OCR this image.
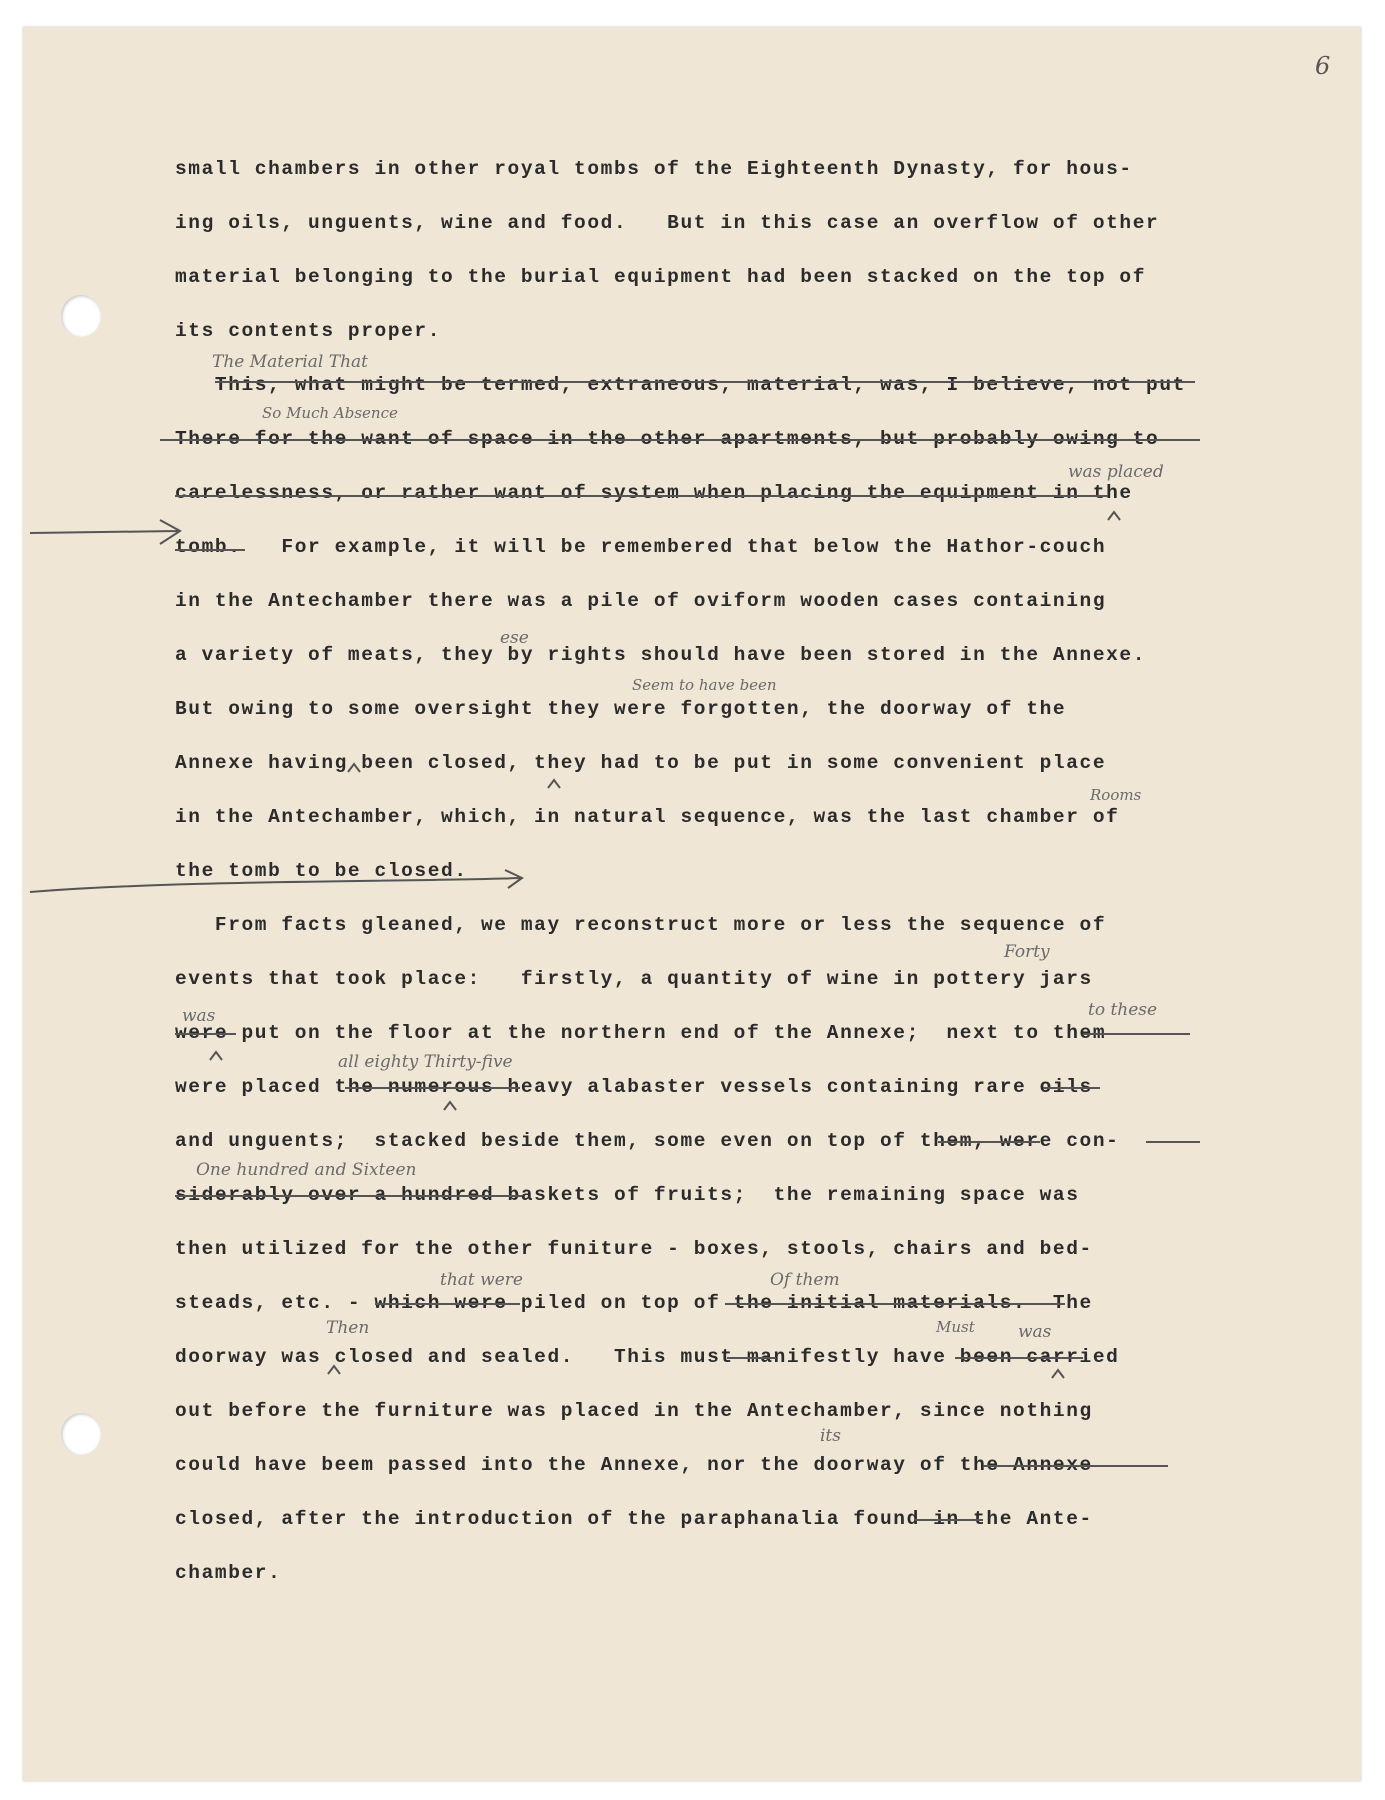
6
small chambers in other royal tombs of the Eighteenth Dynasty, for hous-
ing oils, unguents, wine and food.   But in this case an overflow of other
material belonging to the burial equipment had been stacked on the top of
its contents proper.
This, what might be termed, extraneous, material, was, I believe, not put
There for the want of space in the other apartments, but probably owing to
carelessness, or rather want of system when placing the equipment in the
tomb.   For example, it will be remembered that below the Hathor-couch
in the Antechamber there was a pile of oviform wooden cases containing
a variety of meats, they by rights should have been stored in the Annexe.
But owing to some oversight they were forgotten, the doorway of the
Annexe having been closed, they had to be put in some convenient place
in the Antechamber, which, in natural sequence, was the last chamber of
the tomb to be closed.
From facts gleaned, we may reconstruct more or less the sequence of
events that took place:   firstly, a quantity of wine in pottery jars
were put on the floor at the northern end of the Annexe;  next to them
were placed the numerous heavy alabaster vessels containing rare oils
and unguents;  stacked beside them, some even on top of them, were con-
siderably over a hundred baskets of fruits;  the remaining space was
then utilized for the other funiture - boxes, stools, chairs and bed-
steads, etc. - which were piled on top of the initial materials.  The
doorway was closed and sealed.   This must manifestly have been carried
out before the furniture was placed in the Antechamber, since nothing
could have beem passed into the Annexe, nor the doorway of the Annexe
closed, after the introduction of the paraphanalia found in the Ante-
chamber.
The Material That
So Much Absence
was placed
ese
Seem to have been
Rooms
Forty
was	to these
all eighty Thirty-five
One hundred and Sixteen
that were	Of them
Then	Must	was
its
